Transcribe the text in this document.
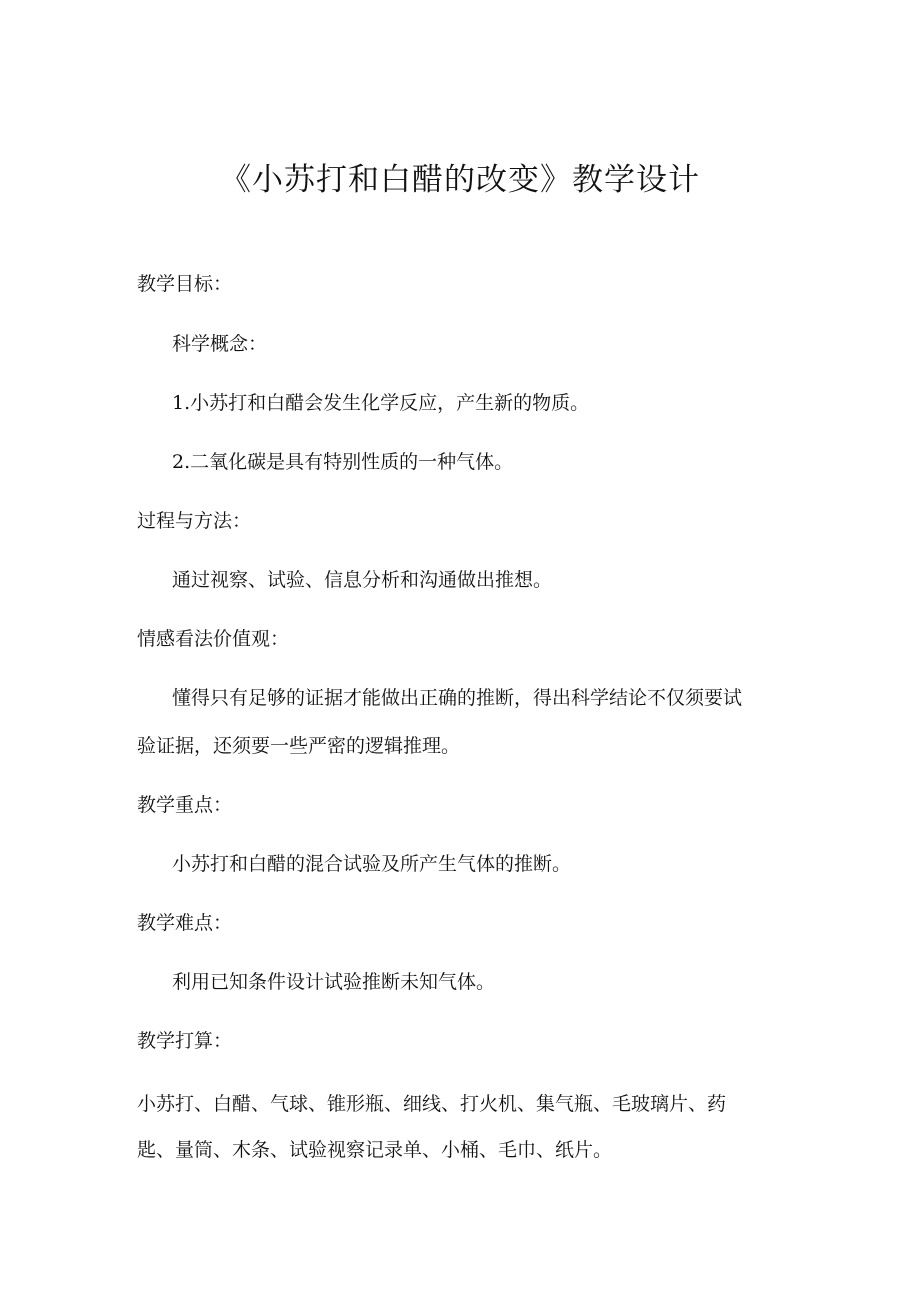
《小苏打和白醋的改变》教学设计

教学目标：

科学概念：

1.小苏打和白醋会发生化学反应，产生新的物质。

2.二氧化碳是具有特别性质的一种气体。

过程与方法：

通过视察、试验、信息分析和沟通做出推想。

情感看法价值观：

懂得只有足够的证据才能做出正确的推断，得出科学结论不仅须要试

验证据，还须要一些严密的逻辑推理。

教学重点：

小苏打和白醋的混合试验及所产生气体的推断。

教学难点：

利用已知条件设计试验推断未知气体。

教学打算：

小苏打、白醋、气球、锥形瓶、细线、打火机、集气瓶、毛玻璃片、药

匙、量筒、木条、试验视察记录单、小桶、毛巾、纸片。
